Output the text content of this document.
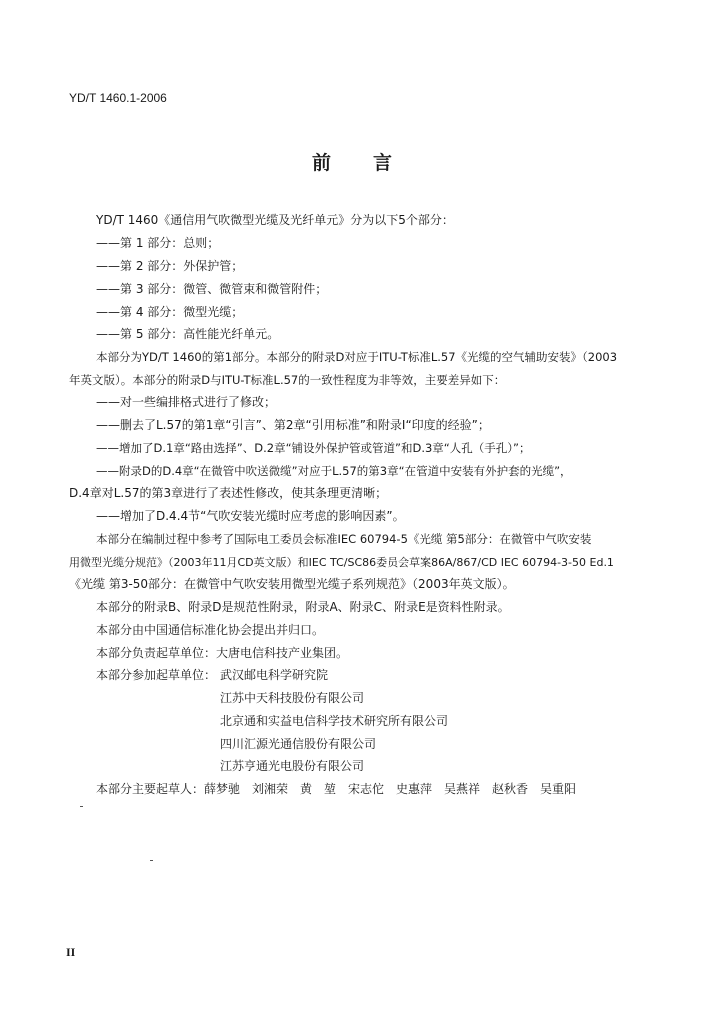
YD/T 1460.1-2006
前言
YD/T 1460《通信用气吹微型光缆及光纤单元》分为以下5个部分：
——第 1 部分：总则；
——第 2 部分：外保护管；
——第 3 部分：微管、微管束和微管附件；
——第 4 部分：微型光缆；
——第 5 部分：高性能光纤单元。
本部分为YD/T 1460的第1部分。本部分的附录D对应于ITU-T标准L.57《光缆的空气辅助安装》（2003
年英文版）。本部分的附录D与ITU-T标准L.57的一致性程度为非等效，主要差异如下：
——对一些编排格式进行了修改；
——删去了L.57的第1章“引言”、第2章“引用标准”和附录Ⅰ“印度的经验”；
——增加了D.1章“路由选择”、D.2章“铺设外保护管或管道”和D.3章“人孔（手孔）”；
——附录D的D.4章“在微管中吹送微缆”对应于L.57的第3章“在管道中安装有外护套的光缆”，
D.4章对L.57的第3章进行了表述性修改，使其条理更清晰；
——增加了D.4.4节“气吹安装光缆时应考虑的影响因素”。
本部分在编制过程中参考了国际电工委员会标准IEC 60794-5《光缆 第5部分：在微管中气吹安装
用微型光缆分规范》（2003年11月CD英文版）和IEC TC/SC86委员会草案86A/867/CD IEC 60794-3-50 Ed.1
《光缆 第3-50部分：在微管中气吹安装用微型光缆子系列规范》（2003年英文版）。
本部分的附录B、附录D是规范性附录，附录A、附录C、附录E是资料性附录。
本部分由中国通信标准化协会提出并归口。
本部分负责起草单位：大唐电信科技产业集团。
本部分参加起草单位： 武汉邮电科学研究院
江苏中天科技股份有限公司
北京通和实益电信科学技术研究所有限公司
四川汇源光通信股份有限公司
江苏亨通光电股份有限公司
本部分主要起草人：薛梦驰　刘湘荣　黄　堃　宋志佗　史惠萍　吴燕祥　赵秋香　吴重阳
II
